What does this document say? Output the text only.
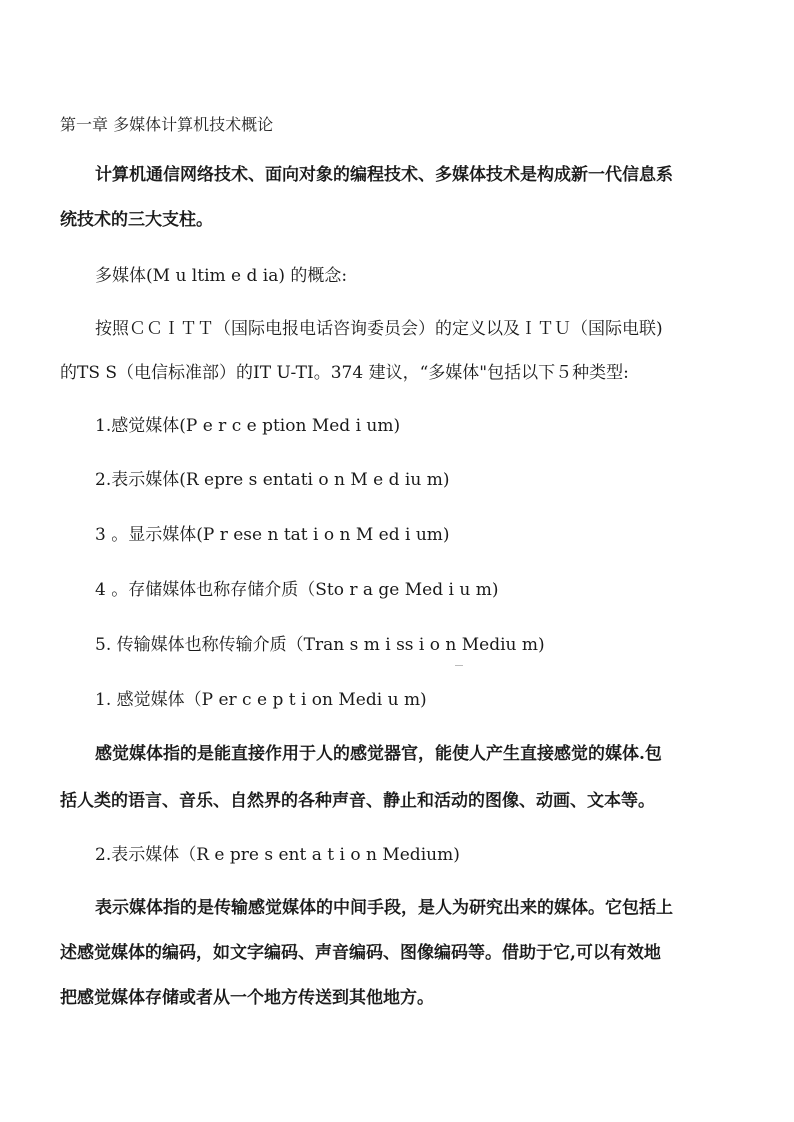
第一章 多媒体计算机技术概论
计算机通信网络技术、面向对象的编程技术、多媒体技术是构成新一代信息系
统技术的三大支柱。
多媒体(M u ltim e d ia) 的概念:
按照ＣＣＩＴＴ（国际电报电话咨询委员会）的定义以及ＩＴＵ（国际电联)
的TS S（电信标准部）的IT U-TI。374 建议，“多媒体"包括以下５种类型:
1.感觉媒体(P e r c e ption Med i um)
2.表示媒体(R epre s entati o n M e d iu m)
3 。显示媒体(P r ese n tat i o n M ed i um)
4 。存储媒体也称存储介质（Sto r a ge Med i u m)
5. 传输媒体也称传输介质（Tran s m i ss i o n Mediu m)
1. 感觉媒体（P er c e p t i on Medi u m)
感觉媒体指的是能直接作用于人的感觉器官，能使人产生直接感觉的媒体.包
括人类的语言、音乐、自然界的各种声音、静止和活动的图像、动画、文本等。
2.表示媒体（R e pre s ent a t i o n Medium)
表示媒体指的是传输感觉媒体的中间手段，是人为研究出来的媒体。它包括上
述感觉媒体的编码，如文字编码、声音编码、图像编码等。借助于它,可以有效地
把感觉媒体存储或者从一个地方传送到其他地方。
